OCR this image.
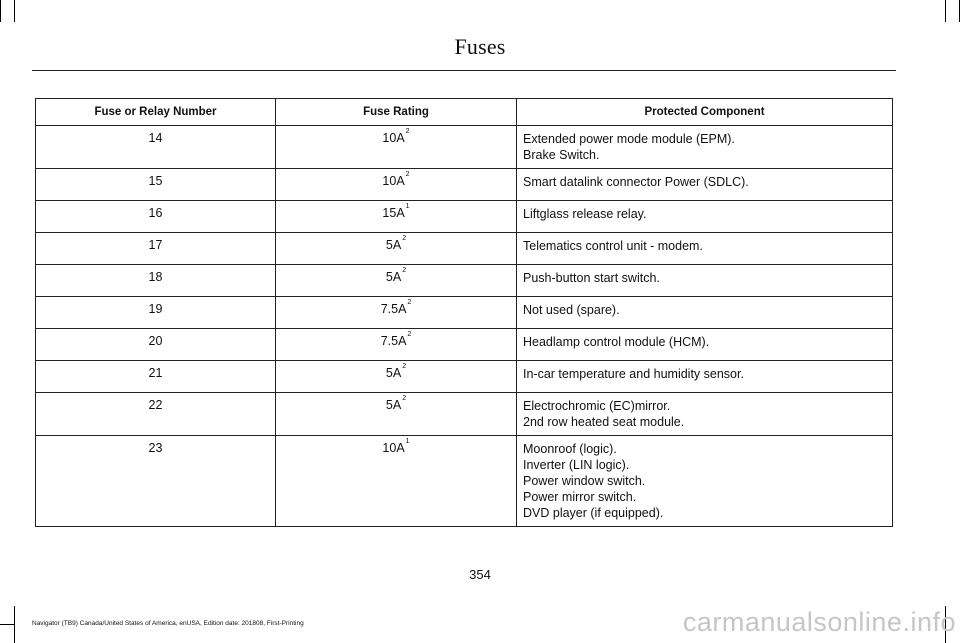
Fuses
Fuse or Relay Number	Fuse Rating	Protected Component
14	$10A^2$	Extended power mode module (EPM).
Brake Switch.

15	$10A^2$	Smart datalink connector Power (SDLC).

16	$15A^1$	Liftglass release relay.

17	$5A^2$	Telematics control unit - modem.

18	$5A^2$	Push-button start switch.

19	$7.5A^2$	Not used (spare).

20	$7.5A^2$	Headlamp control module (HCM).

21	$5A^2$	In-car temperature and humidity sensor.

22	$5A^2$	Electrochromic (EC)mirror.
2nd row heated seat module.

23	$10A^1$	Moonroof (logic).
Inverter (LIN logic).
Power window switch.
Power mirror switch.
DVD player (if equipped).
354
Navigator (TB9) Canada/United States of America, enUSA, Edition date: 201808, First-Printing	carmanualsonline.info
